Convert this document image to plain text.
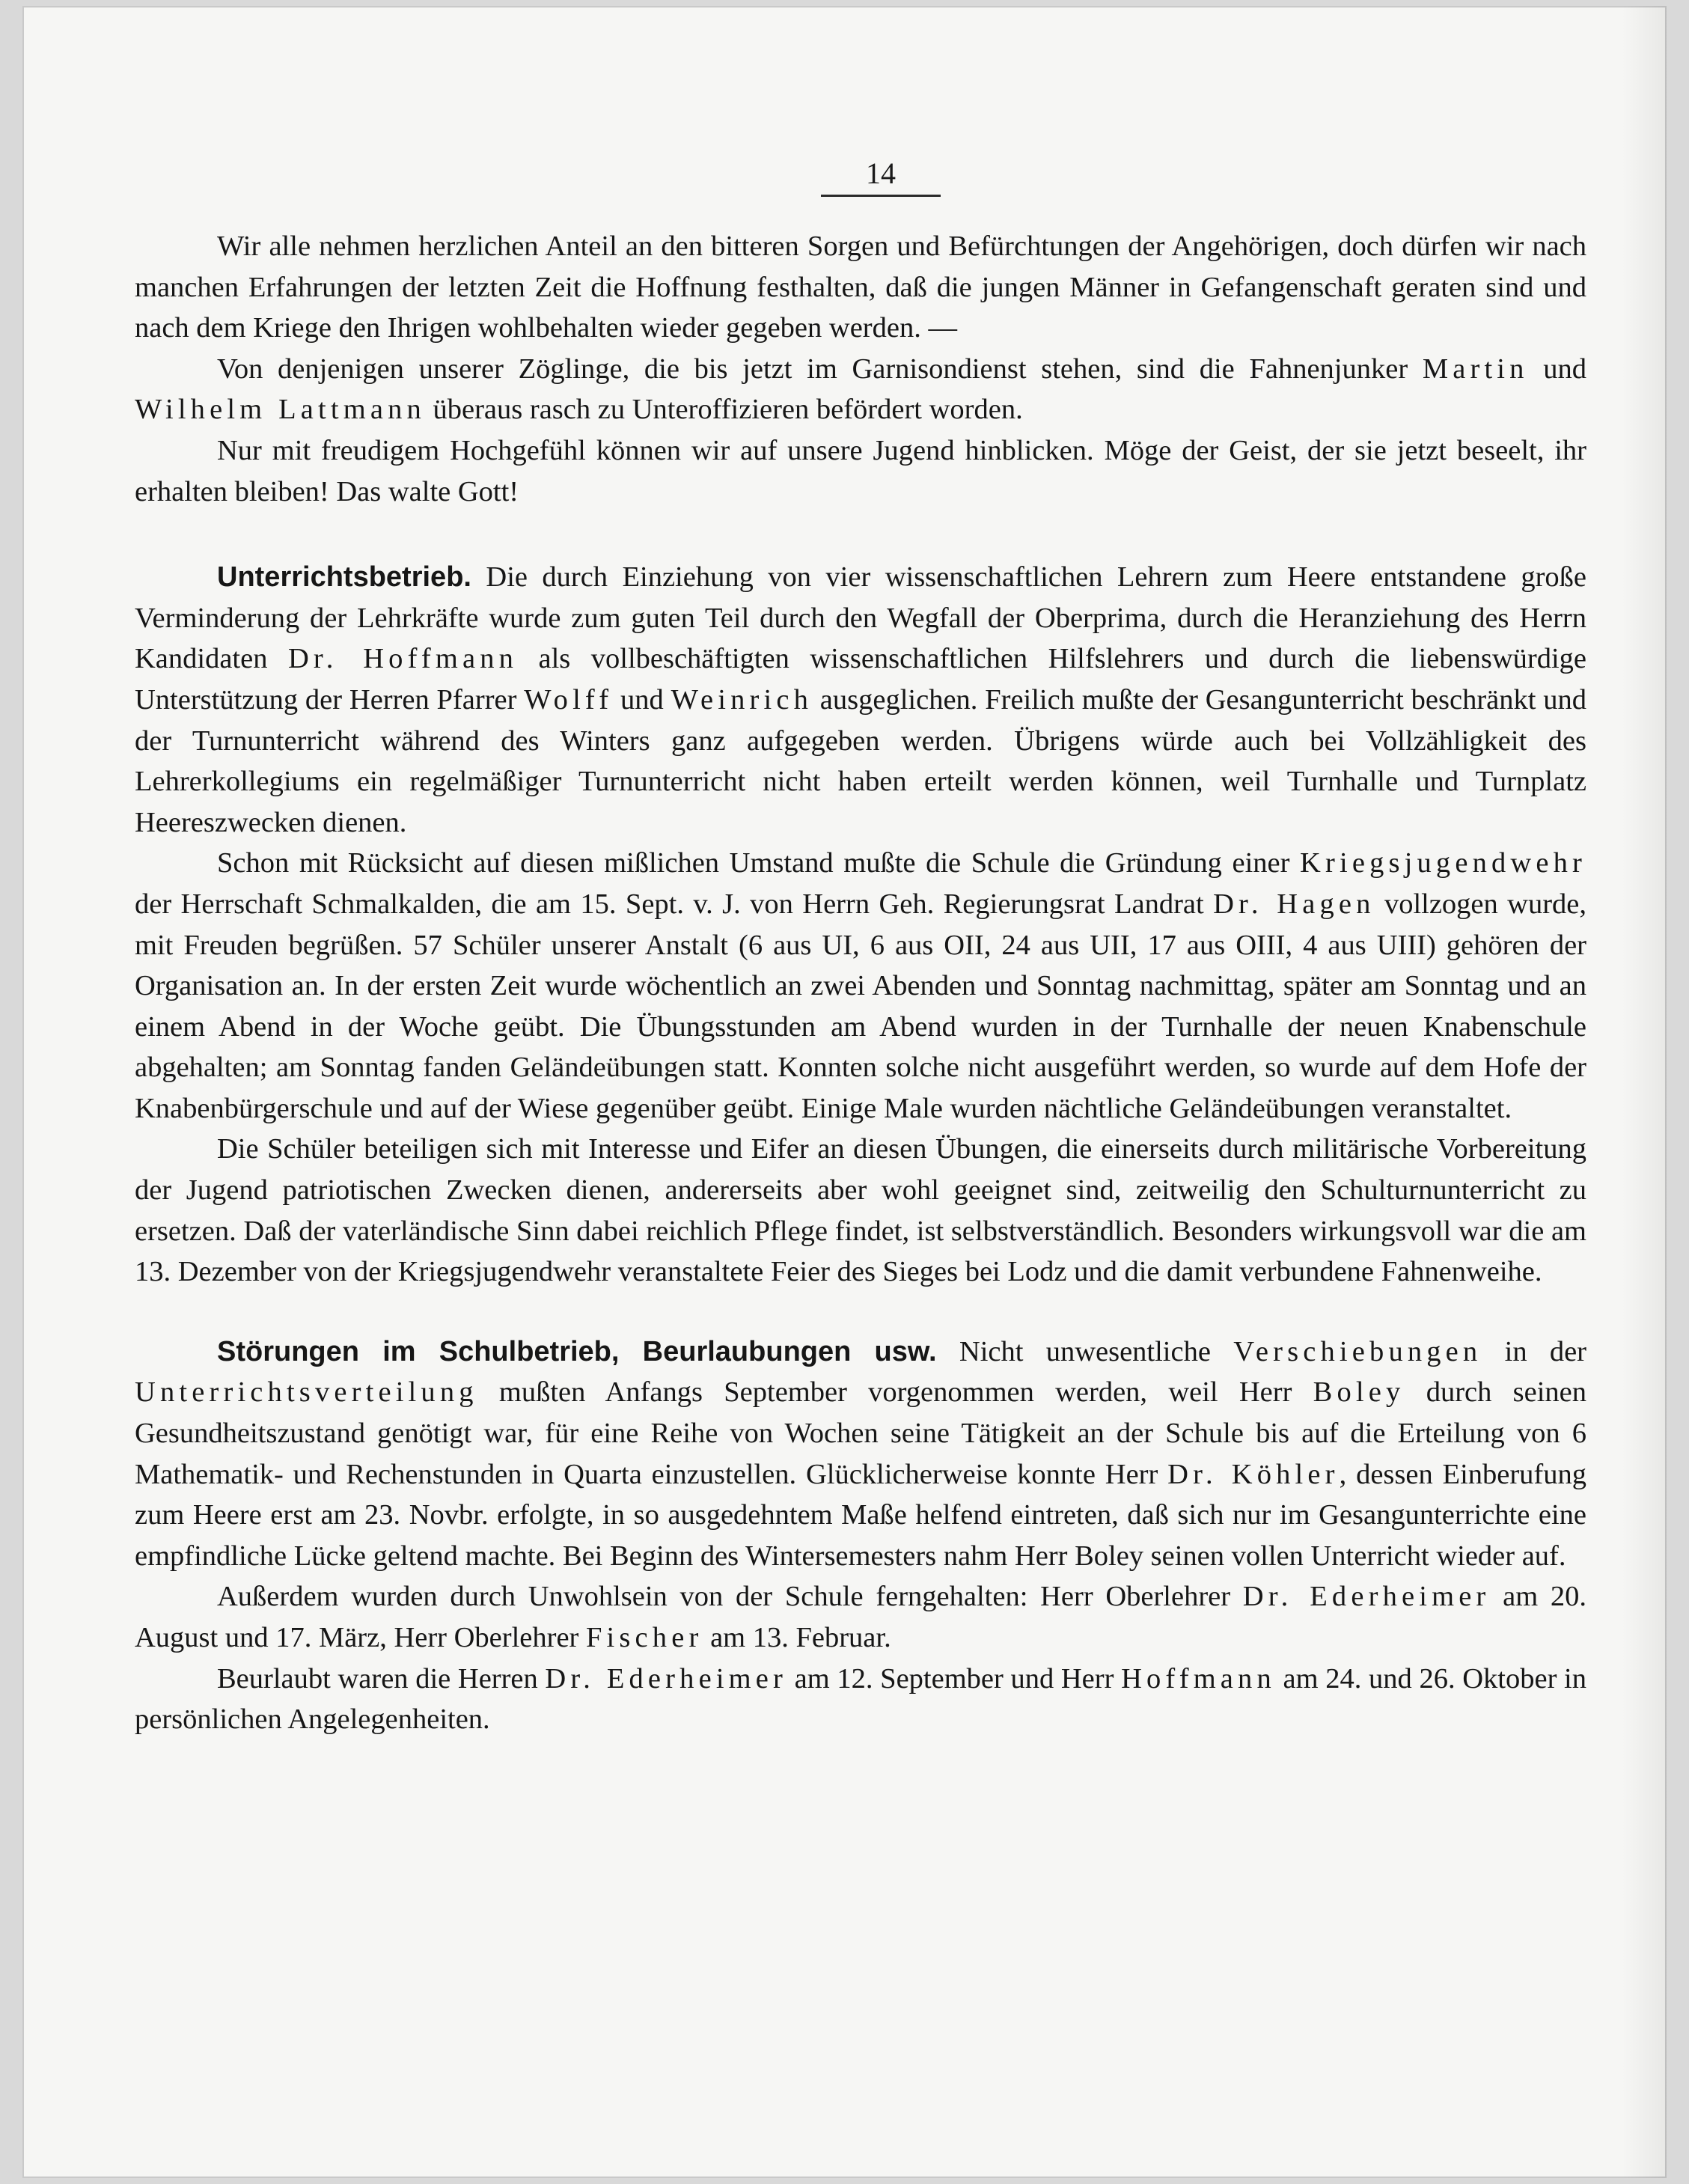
14

Wir alle nehmen herzlichen Anteil an den bitteren Sorgen und Befürchtungen der Angehörigen, doch dürfen wir nach manchen Erfahrungen der letzten Zeit die Hoffnung festhalten, daß die jungen Männer in Gefangenschaft geraten sind und nach dem Kriege den Ihrigen wohlbehalten wieder gegeben werden. —

Von denjenigen unserer Zöglinge, die bis jetzt im Garnisondienst stehen, sind die Fahnenjunker Martin und Wilhelm Lattmann überaus rasch zu Unteroffizieren befördert worden.

Nur mit freudigem Hochgefühl können wir auf unsere Jugend hinblicken. Möge der Geist, der sie jetzt beseelt, ihr erhalten bleiben! Das walte Gott!

Unterrichtsbetrieb. Die durch Einziehung von vier wissenschaftlichen Lehrern zum Heere entstandene große Verminderung der Lehrkräfte wurde zum guten Teil durch den Wegfall der Oberprima, durch die Heranziehung des Herrn Kandidaten Dr. Hoffmann als vollbeschäftigten wissenschaftlichen Hilfslehrers und durch die liebenswürdige Unterstützung der Herren Pfarrer Wolff und Weinrich ausgeglichen. Freilich mußte der Gesangunterricht beschränkt und der Turnunterricht während des Winters ganz aufgegeben werden. Übrigens würde auch bei Vollzähligkeit des Lehrerkollegiums ein regelmäßiger Turnunterricht nicht haben erteilt werden können, weil Turnhalle und Turnplatz Heereszwecken dienen.

Schon mit Rücksicht auf diesen mißlichen Umstand mußte die Schule die Gründung einer Kriegsjugendwehr der Herrschaft Schmalkalden, die am 15. Sept. v. J. von Herrn Geh. Regierungsrat Landrat Dr. Hagen vollzogen wurde, mit Freuden begrüßen. 57 Schüler unserer Anstalt (6 aus UI, 6 aus OII, 24 aus UII, 17 aus OIII, 4 aus UIII) gehören der Organisation an. In der ersten Zeit wurde wöchentlich an zwei Abenden und Sonntag nachmittag, später am Sonntag und an einem Abend in der Woche geübt. Die Übungsstunden am Abend wurden in der Turnhalle der neuen Knabenschule abgehalten; am Sonntag fanden Geländeübungen statt. Konnten solche nicht ausgeführt werden, so wurde auf dem Hofe der Knabenbürgerschule und auf der Wiese gegenüber geübt. Einige Male wurden nächtliche Geländeübungen veranstaltet.

Die Schüler beteiligen sich mit Interesse und Eifer an diesen Übungen, die einerseits durch militärische Vorbereitung der Jugend patriotischen Zwecken dienen, andererseits aber wohl geeignet sind, zeitweilig den Schulturnunterricht zu ersetzen. Daß der vaterländische Sinn dabei reichlich Pflege findet, ist selbstverständlich. Besonders wirkungsvoll war die am 13. Dezember von der Kriegsjugendwehr veranstaltete Feier des Sieges bei Lodz und die damit verbundene Fahnenweihe.

Störungen im Schulbetrieb, Beurlaubungen usw. Nicht unwesentliche Verschiebungen in der Unterrichtsverteilung mußten Anfangs September vorgenommen werden, weil Herr Boley durch seinen Gesundheitszustand genötigt war, für eine Reihe von Wochen seine Tätigkeit an der Schule bis auf die Erteilung von 6 Mathematik- und Rechenstunden in Quarta einzustellen. Glücklicherweise konnte Herr Dr. Köhler, dessen Einberufung zum Heere erst am 23. Novbr. erfolgte, in so ausgedehntem Maße helfend eintreten, daß sich nur im Gesangunterrichte eine empfindliche Lücke geltend machte. Bei Beginn des Wintersemesters nahm Herr Boley seinen vollen Unterricht wieder auf.

Außerdem wurden durch Unwohlsein von der Schule ferngehalten: Herr Oberlehrer Dr. Ederheimer am 20. August und 17. März, Herr Oberlehrer Fischer am 13. Februar.

Beurlaubt waren die Herren Dr. Ederheimer am 12. September und Herr Hoffmann am 24. und 26. Oktober in persönlichen Angelegenheiten.
